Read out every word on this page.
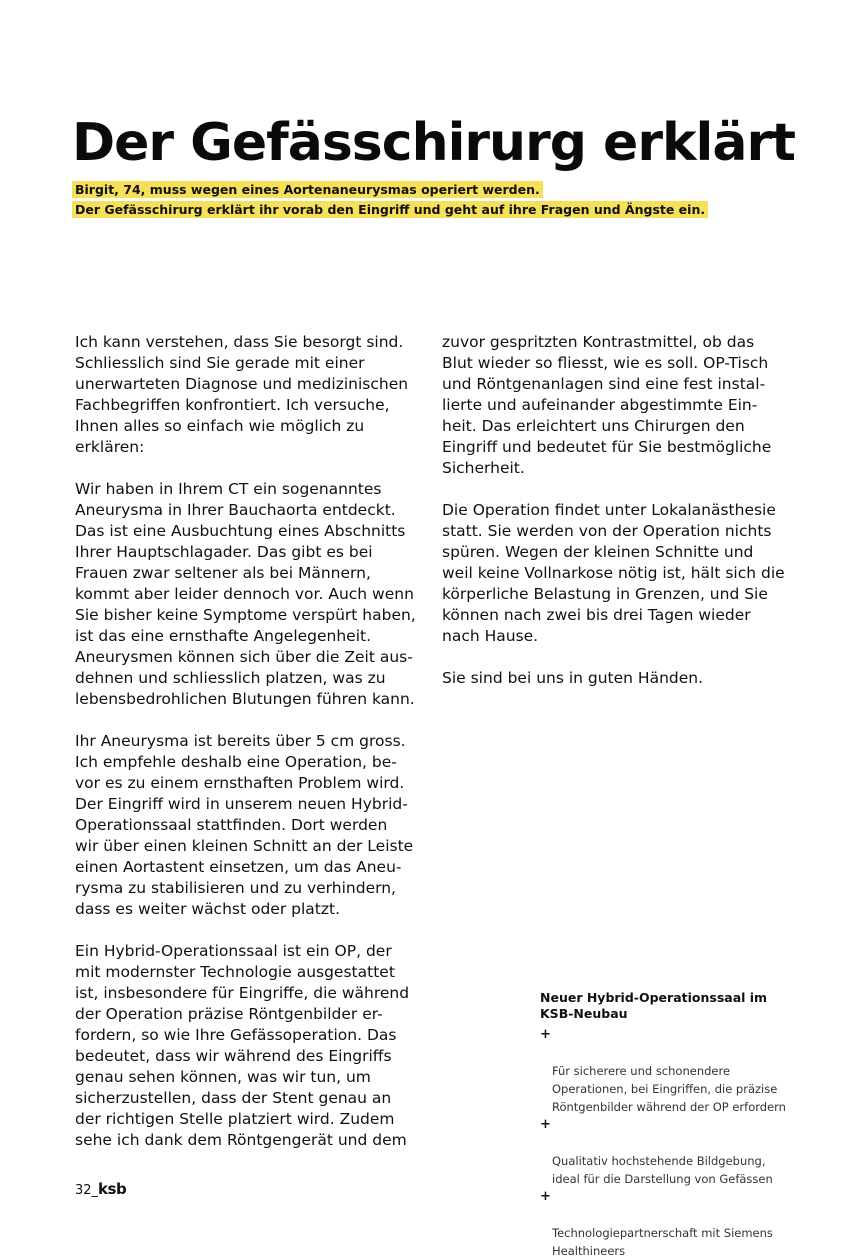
Der Gefässchirurg erklärt
Birgit, 74, muss wegen eines Aortenaneurysmas operiert werden.
Der Gefässchirurg erklärt ihr vorab den Eingriff und geht auf ihre Fragen und Ängste ein.

Ich kann verstehen, dass Sie besorgt sind.
Schliesslich sind Sie gerade mit einer
unerwarteten Diagnose und medizinischen
Fachbegriffen konfrontiert. Ich versuche,
Ihnen alles so einfach wie möglich zu
erklären:

Wir haben in Ihrem CT ein sogenanntes
Aneurysma in Ihrer Bauchaorta entdeckt.
Das ist eine Ausbuchtung eines Abschnitts
Ihrer Hauptschlagader. Das gibt es bei
Frauen zwar seltener als bei Männern,
kommt aber leider dennoch vor. Auch wenn
Sie bisher keine Symptome verspürt haben,
ist das eine ernsthafte Angelegenheit.
Aneurysmen können sich über die Zeit aus-
dehnen und schliesslich platzen, was zu
lebensbedrohlichen Blutungen führen kann.

Ihr Aneurysma ist bereits über 5 cm gross.
Ich empfehle deshalb eine Operation, be-
vor es zu einem ernsthaften Problem wird.
Der Eingriff wird in unserem neuen Hybrid-
Operationssaal stattfinden. Dort werden
wir über einen kleinen Schnitt an der Leiste
einen Aortastent einsetzen, um das Aneu-
rysma zu stabilisieren und zu verhindern,
dass es weiter wächst oder platzt.

Ein Hybrid-Operationssaal ist ein OP, der
mit modernster Technologie ausgestattet
ist, insbesondere für Eingriffe, die während
der Operation präzise Röntgenbilder er-
fordern, so wie Ihre Gefässoperation. Das
bedeutet, dass wir während des Eingriffs
genau sehen können, was wir tun, um
sicherzustellen, dass der Stent genau an
der richtigen Stelle platziert wird. Zudem
sehe ich dank dem Röntgengerät und dem

zuvor gespritzten Kontrastmittel, ob das
Blut wieder so fliesst, wie es soll. OP-Tisch
und Röntgenanlagen sind eine fest instal-
lierte und aufeinander abgestimmte Ein-
heit. Das erleichtert uns Chirurgen den
Eingriff und bedeutet für Sie bestmögliche
Sicherheit.

Die Operation findet unter Lokalanästhesie
statt. Sie werden von der Operation nichts
spüren. Wegen der kleinen Schnitte und
weil keine Vollnarkose nötig ist, hält sich die
körperliche Belastung in Grenzen, und Sie
können nach zwei bis drei Tagen wieder
nach Hause.

Sie sind bei uns in guten Händen.

Neuer Hybrid-Operationssaal im
KSB-Neubau

+

Für sicherere und schonendere
Operationen, bei Eingriffen, die präzise
Röntgenbilder während der OP erfordern

+

Qualitativ hochstehende Bildgebung,
ideal für die Darstellung von Gefässen

+

Technologiepartnerschaft mit Siemens
Healthineers

32 _ ksb
